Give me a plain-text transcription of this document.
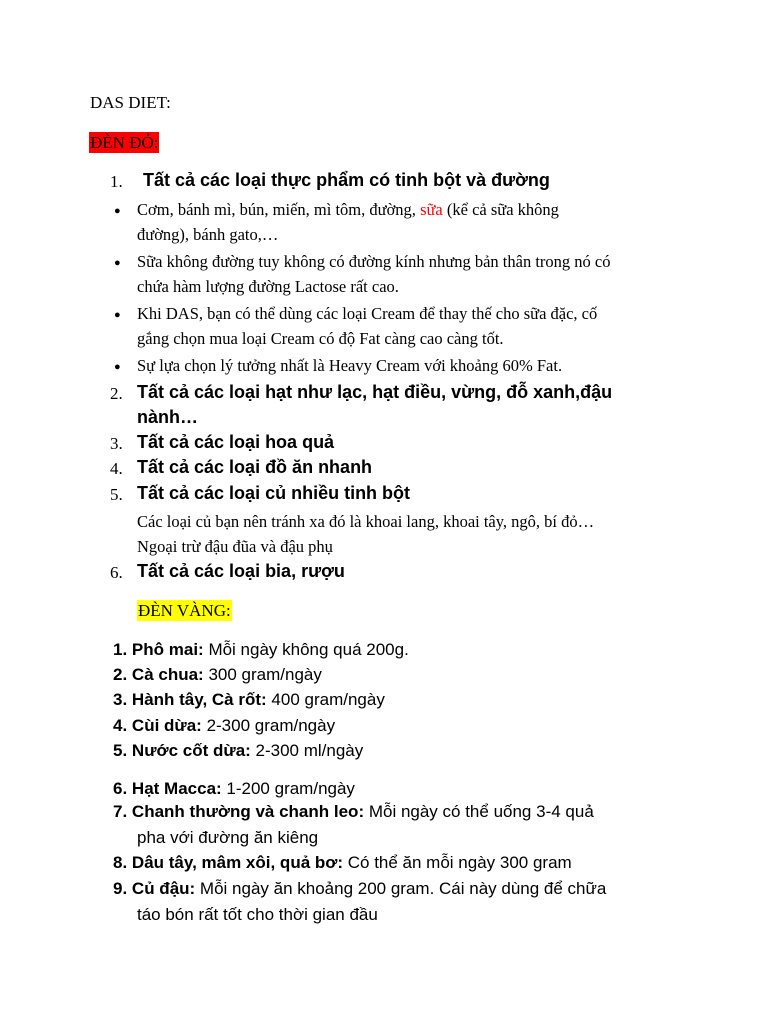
DAS DIET:
ĐÈN ĐỎ:
1. Tất cả các loại thực phẩm có tinh bột và đường
● Cơm, bánh mì, bún, miến, mì tôm, đường, sữa (kể cả sữa không
đường), bánh gato,…
● Sữa không đường tuy không có đường kính nhưng bản thân trong nó có
chứa hàm lượng đường Lactose rất cao.
● Khi DAS, bạn có thể dùng các loại Cream để thay thế cho sữa đặc, cố
gắng chọn mua loại Cream có độ Fat càng cao càng tốt.
● Sự lựa chọn lý tưởng nhất là Heavy Cream với khoảng 60% Fat.
2. Tất cả các loại hạt như lạc, hạt điều, vừng, đỗ xanh,đậu
nành…
3. Tất cả các loại hoa quả
4. Tất cả các loại đồ ăn nhanh
5. Tất cả các loại củ nhiều tinh bột
Các loại củ bạn nên tránh xa đó là khoai lang, khoai tây, ngô, bí đỏ…
Ngoại trừ đậu đũa và đậu phụ
6. Tất cả các loại bia, rượu
ĐÈN VÀNG:
1. Phô mai: Mỗi ngày không quá 200g.
2. Cà chua: 300 gram/ngày
3. Hành tây, Cà rốt: 400 gram/ngày
4. Cùi dừa: 2-300 gram/ngày
5. Nước cốt dừa: 2-300 ml/ngày
6. Hạt Macca: 1-200 gram/ngày
7. Chanh thường và chanh leo: Mỗi ngày có thể uống 3-4 quả
pha với đường ăn kiêng
8. Dâu tây, mâm xôi, quả bơ: Có thể ăn mỗi ngày 300 gram
9. Củ đậu: Mỗi ngày ăn khoảng 200 gram. Cái này dùng để chữa
táo bón rất tốt cho thời gian đầu
